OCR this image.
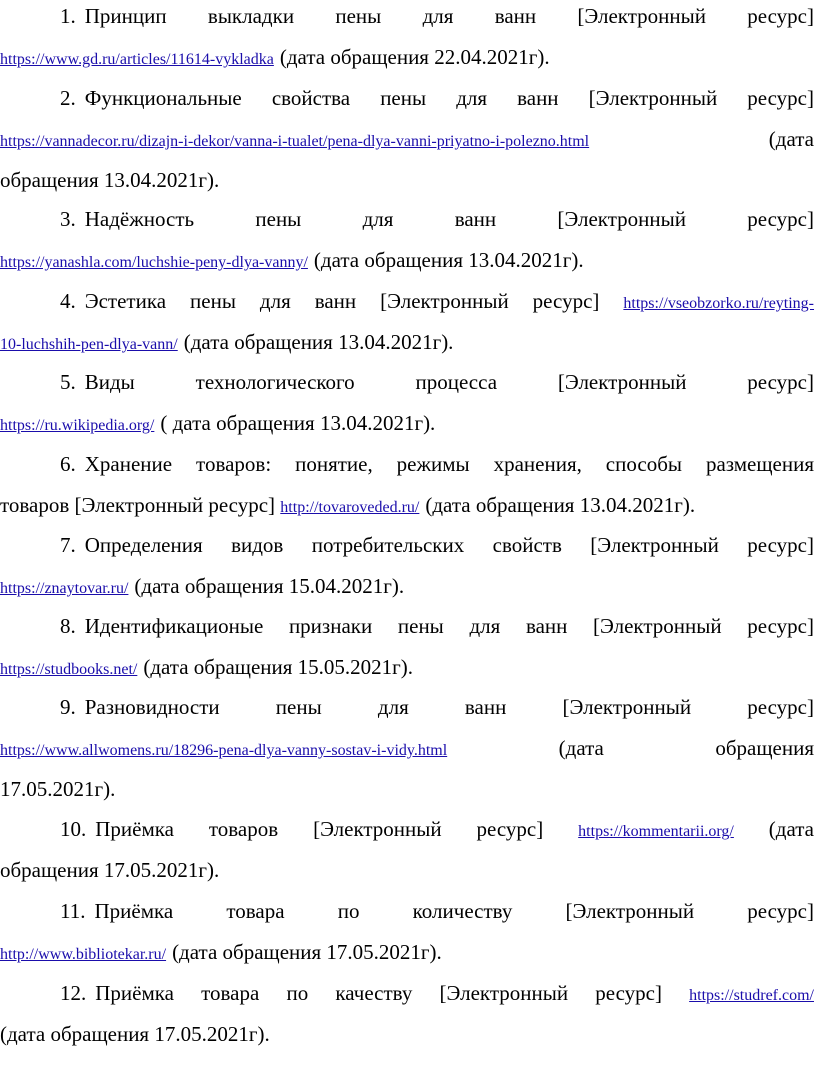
1. Принцип выкладки пены для ванн [Электронный ресурс]
https://www.gd.ru/articles/11614-vykladka (дата обращения 22.04.2021г).
2. Функциональные свойства пены для ванн [Электронный ресурс]
https://vannadecor.ru/dizajn-i-dekor/vanna-i-tualet/pena-dlya-vanni-priyatno-i-polezno.html	(дата
обращения 13.04.2021г).
3. Надёжность пены для ванн [Электронный ресурс]
https://yanashla.com/luchshie-peny-dlya-vanny/ (дата обращения 13.04.2021г).
4. Эстетика пены для ванн [Электронный ресурс] https://vseobzorko.ru/reyting-
10-luchshih-pen-dlya-vann/ (дата обращения 13.04.2021г).
5. Виды технологического процесса [Электронный ресурс]
https://ru.wikipedia.org/ ( дата обращения 13.04.2021г).
6. Хранение товаров: понятие, режимы хранения, способы размещения
товаров [Электронный ресурс] http://tovaroveded.ru/ (дата обращения 13.04.2021г).
7. Определения видов потребительских свойств [Электронный ресурс]
https://znaytovar.ru/ (дата обращения 15.04.2021г).
8. Идентификационые признаки пены для ванн [Электронный ресурс]
https://studbooks.net/ (дата обращения 15.05.2021г).
9. Разновидности пены для ванн [Электронный ресурс]
https://www.allwomens.ru/18296-pena-dlya-vanny-sostav-i-vidy.html	(дата обращения
17.05.2021г).
10. Приёмка товаров [Электронный ресурс] https://kommentarii.org/ (дата
обращения 17.05.2021г).
11. Приёмка товара по количеству [Электронный ресурс]
http://www.bibliotekar.ru/ (дата обращения 17.05.2021г).
12. Приёмка товара по качеству [Электронный ресурс] https://studref.com/
(дата обращения 17.05.2021г).
